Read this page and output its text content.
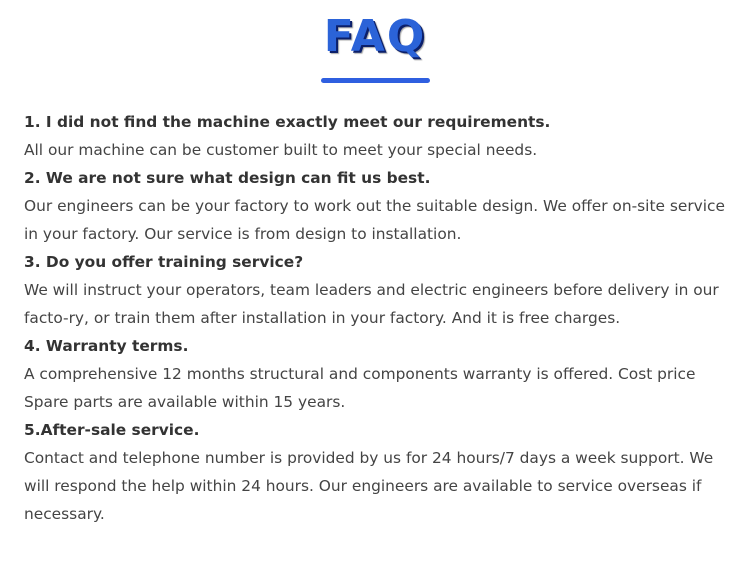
FAQ
1. I did not find the machine exactly meet our requirements.
All our machine can be customer built to meet your special needs.
2. We are not sure what design can fit us best.
Our engineers can be your factory to work out the suitable design. We offer on-site service in your factory. Our service is from design to installation.
3. Do you offer training service?
We will instruct your operators, team leaders and electric engineers before delivery in our facto-ry, or train them after installation in your factory. And it is free charges.
4. Warranty terms.
A comprehensive 12 months structural and components warranty is offered. Cost price Spare parts are available within 15 years.
5.After-sale service.
Contact and telephone number is provided by us for 24 hours/7 days a week support. We will respond the help within 24 hours. Our engineers are available to service overseas if necessary.
